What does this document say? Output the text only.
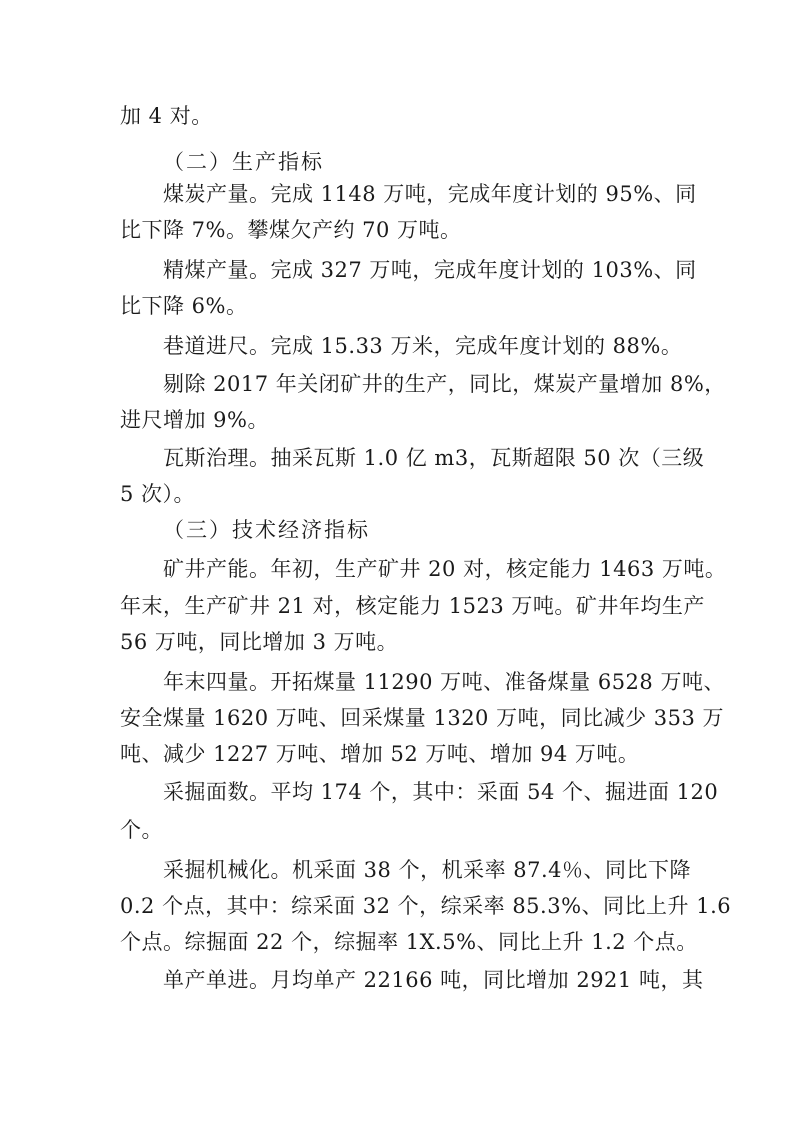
加 4 对。
（二）生产指标
煤炭产量。完成 1148 万吨，完成年度计划的 95%、同
比下降 7%。攀煤欠产约 70 万吨。
精煤产量。完成 327 万吨，完成年度计划的 103%、同
比下降 6%。
巷道进尺。完成 15.33 万米，完成年度计划的 88%。
剔除 2017 年关闭矿井的生产，同比，煤炭产量增加 8%，
进尺增加 9%。
瓦斯治理。抽采瓦斯 1.0 亿 m3，瓦斯超限 50 次（三级
5 次）。
（三）技术经济指标
矿井产能。年初，生产矿井 20 对，核定能力 1463 万吨。
年末，生产矿井 21 对，核定能力 1523 万吨。矿井年均生产
56 万吨，同比增加 3 万吨。
年末四量。开拓煤量 11290 万吨、准备煤量 6528 万吨、
安全煤量 1620 万吨、回采煤量 1320 万吨，同比减少 353 万
吨、减少 1227 万吨、增加 52 万吨、增加 94 万吨。
采掘面数。平均 174 个，其中：采面 54 个、掘进面 120
个。
采掘机械化。机采面 38 个，机采率 87.4％、同比下降
0.2 个点，其中：综采面 32 个，综采率 85.3%、同比上升 1.6
个点。综掘面 22 个，综掘率 1X.5%、同比上升 1.2 个点。
单产单进。月均单产 22166 吨，同比增加 2921 吨，其
